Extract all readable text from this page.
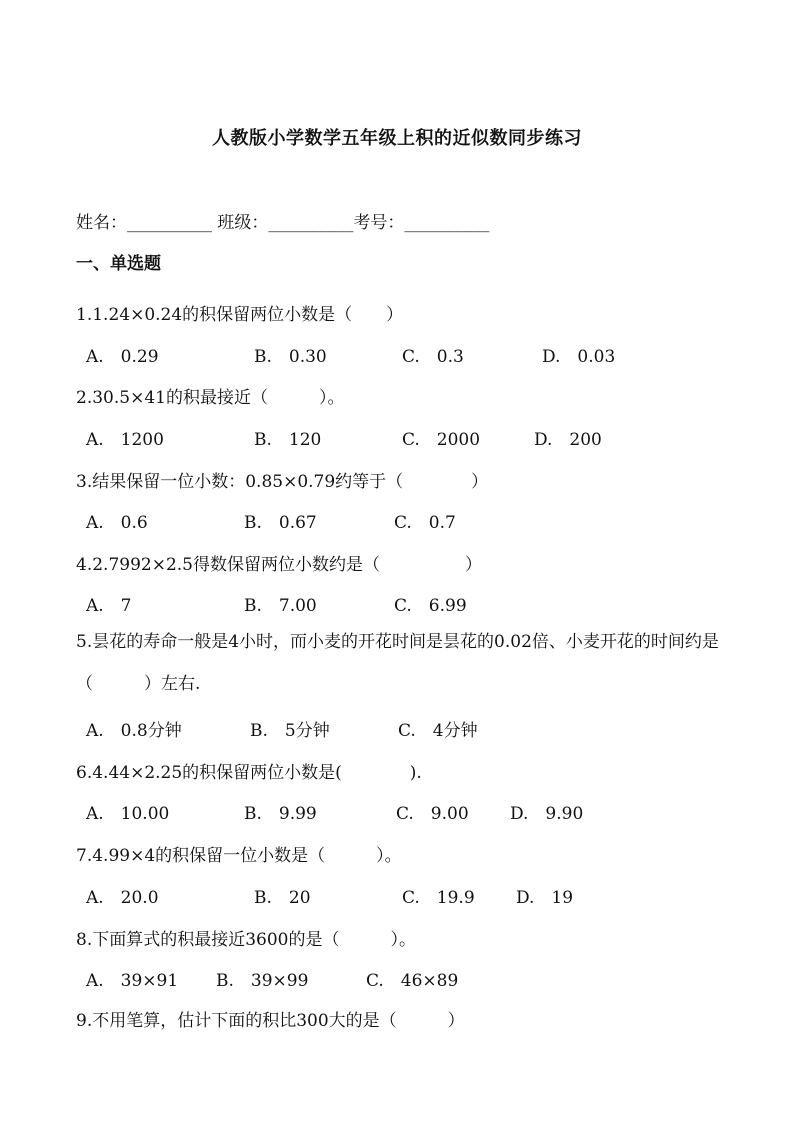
人教版小学数学五年级上积的近似数同步练习
姓名：__________ 班级：__________考号：__________
一、单选题
1.1.24×0.24的积保留两位小数是（　　）
A.　0.29	B.　0.30	C.　0.3	D.　0.03
2.30.5×41的积最接近（　　　）。
A.　1200	B.　120	C.　2000	D.　200
3.结果保留一位小数：0.85×0.79约等于（　　　　）
A.　0.6	B.　0.67	C.　0.7
4.2.7992×2.5得数保留两位小数约是（　　　　　）
A.　7	B.　7.00	C.　6.99
5.昙花的寿命一般是4小时，而小麦的开花时间是昙花的0.02倍、小麦开花的时间约是（　　　）左右.
A.　0.8分钟	B.　5分钟	C.　4分钟
6.4.44×2.25的积保留两位小数是(　　　　).
A.　10.00	B.　9.99	C.　9.00 D.　9.90
7.4.99×4的积保留一位小数是（　　　）。
A.　20.0	B.　20	C.　19.9 D.　19
8.下面算式的积最接近3600的是（　　　）。
A.　39×91 B.　39×99	C.　46×89
9.不用笔算，估计下面的积比300大的是（　　　）
